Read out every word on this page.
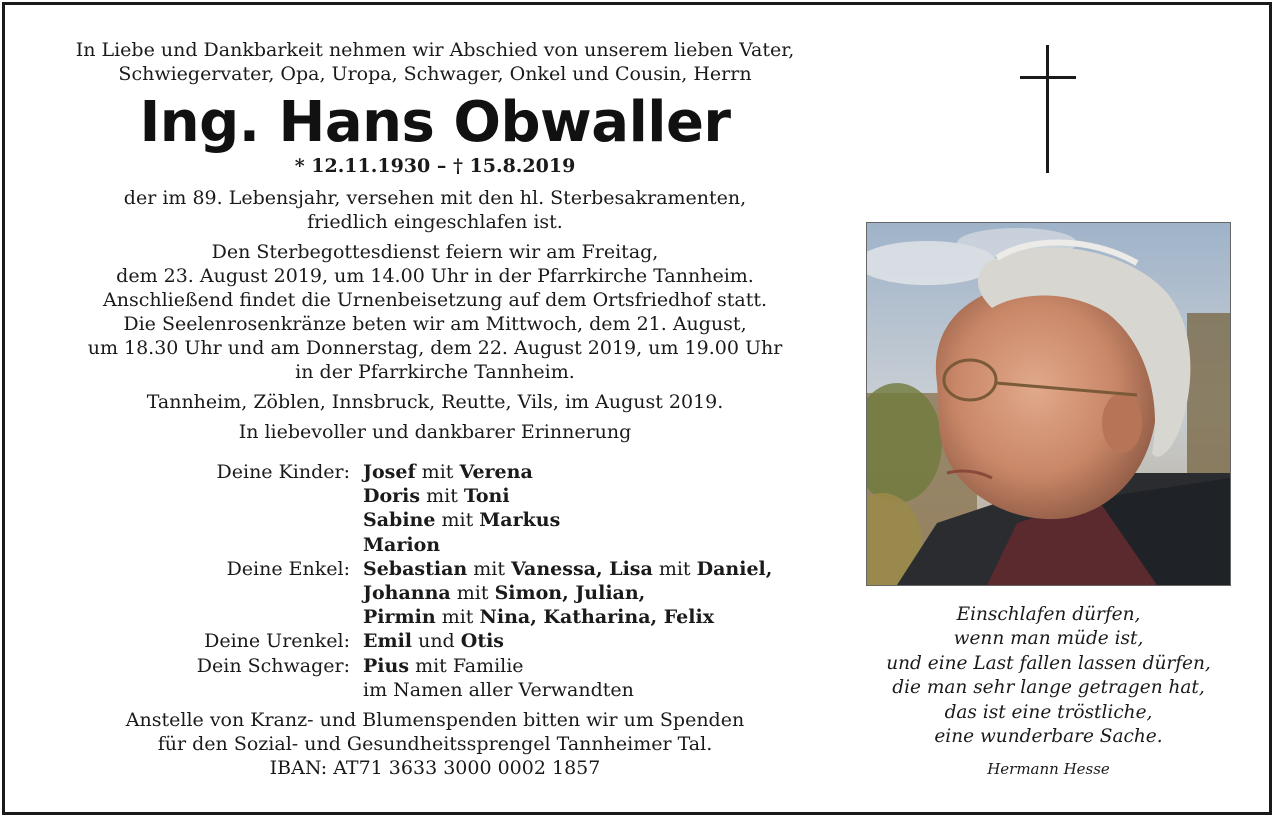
In Liebe und Dankbarkeit nehmen wir Abschied von unserem lieben Vater,
Schwiegervater, Opa, Uropa, Schwager, Onkel und Cousin, Herrn

Ing. Hans Obwaller

* 12.11.1930 – † 15.8.2019

der im 89. Lebensjahr, versehen mit den hl. Sterbesakramenten,
friedlich eingeschlafen ist.

Den Sterbegottesdienst feiern wir am Freitag,
dem 23. August 2019, um 14.00 Uhr in der Pfarrkirche Tannheim.
Anschließend findet die Urnenbeisetzung auf dem Ortsfriedhof statt.
Die Seelenrosenkränze beten wir am Mittwoch, dem 21. August,
um 18.30 Uhr und am Donnerstag, dem 22. August 2019, um 19.00 Uhr
in der Pfarrkirche Tannheim.

Tannheim, Zöblen, Innsbruck, Reutte, Vils, im August 2019.

In liebevoller und dankbarer Erinnerung

Deine Kinder: Josef mit Verena
Doris mit Toni
Sabine mit Markus
Marion
Deine Enkel: Sebastian mit Vanessa, Lisa mit Daniel,
Johanna mit Simon, Julian,
Pirmin mit Nina, Katharina, Felix
Deine Urenkel: Emil und Otis
Dein Schwager: Pius mit Familie
im Namen aller Verwandten
Anstelle von Kranz- und Blumenspenden bitten wir um Spenden
für den Sozial- und Gesundheitssprengel Tannheimer Tal.
IBAN: AT71 3633 3000 0002 1857
Einschlafen dürfen,
wenn man müde ist,
und eine Last fallen lassen dürfen,
die man sehr lange getragen hat,
das ist eine tröstliche,
eine wunderbare Sache.
Hermann Hesse
